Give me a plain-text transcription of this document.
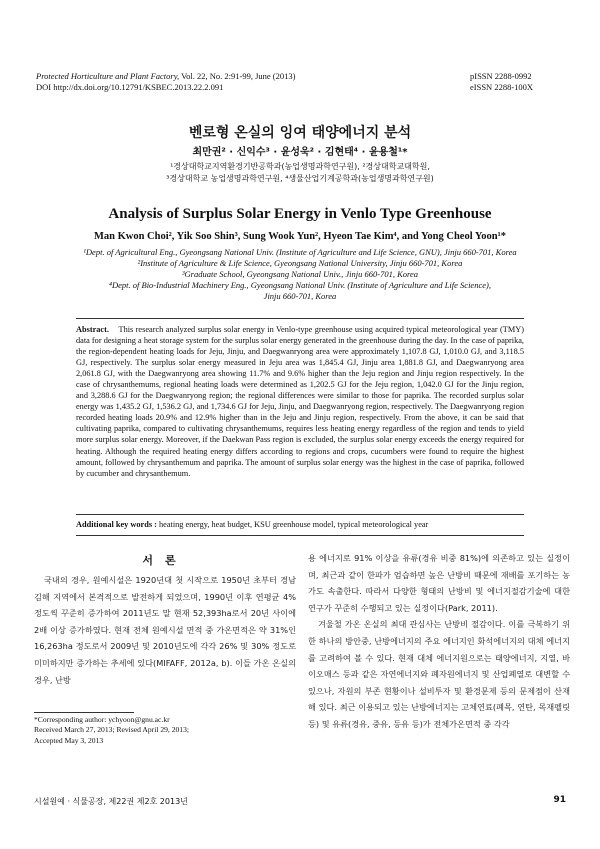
Protected Horticulture and Plant Factory, Vol. 22, No. 2:91-99, June (2013)
DOI http://dx.doi.org/10.12791/KSBEC.2013.22.2.091
pISSN 2288-0992
eISSN 2288-100X
벤로형 온실의 잉여 태양에너지 분석
최만권² · 신익수³ · 윤성욱² · 김현태⁴ · 윤용철¹*
¹경상대학교지역환경기반공학과(농업생명과학연구원), ²경상대학교대학원,
³경상대학교 농업생명과학연구원, ⁴생물산업기계공학과(농업생명과학연구원)
Analysis of Surplus Solar Energy in Venlo Type Greenhouse
Man Kwon Choi², Yik Soo Shin³, Sung Wook Yun², Hyeon Tae Kim⁴, and Yong Cheol Yoon¹*
¹Dept. of Agricultural Eng., Gyeongsang National Univ. (Institute of Agriculture and Life Science, GNU), Jinju 660-701, Korea
²Institute of Agriculture & Life Science, Gyeongsang National University, Jinju 660-701, Korea
³Graduate School, Gyeongsang National Univ., Jinju 660-701, Korea
⁴Dept. of Bio-Industrial Machinery Eng., Gyeongsang National Univ. (Institute of Agriculture and Life Science),
Jinju 660-701, Korea
Abstract. This research analyzed surplus solar energy in Venlo-type greenhouse using acquired typical meteorological year (TMY) data for designing a heat storage system for the surplus solar energy generated in the greenhouse during the day. In the case of paprika, the region-dependent heating loads for Jeju, Jinju, and Daegwanryong area were approximately 1,107.8 GJ, 1,010.0 GJ, and 3,118.5 GJ, respectively. The surplus solar energy measured in Jeju area was 1,845.4 GJ, Jinju area 1,881.8 GJ, and Daegwanryong area 2,061.8 GJ, with the Daegwanryong area showing 11.7% and 9.6% higher than the Jeju region and Jinju region respectively. In the case of chrysanthemums, regional heating loads were determined as 1,202.5 GJ for the Jeju region, 1,042.0 GJ for the Jinju region, and 3,288.6 GJ for the Daegwanryong region; the regional differences were similar to those for paprika. The recorded surplus solar energy was 1,435.2 GJ, 1,536.2 GJ, and 1,734.6 GJ for Jeju, Jinju, and Daegwanryong region, respectively. The Daegwanryong region recorded heating loads 20.9% and 12.9% higher than in the Jeju and Jinju region, respectively. From the above, it can be said that cultivating paprika, compared to cultivating chrysanthemums, requires less heating energy regardless of the region and tends to yield more surplus solar energy. Moreover, if the Daekwan Pass region is excluded, the surplus solar energy exceeds the energy required for heating. Although the required heating energy differs according to regions and crops, cucumbers were found to require the highest amount, followed by chrysanthemum and paprika. The amount of surplus solar energy was the highest in the case of paprika, followed by cucumber and chrysanthemum.
Additional key words : heating energy, heat budget, KSU greenhouse model, typical meteorological year
서론

국내의 경우, 원예시설은 1920년대 첫 시작으로 1950년 초부터 경남 김해 지역에서 본격적으로 발전하게 되었으며, 1990년 이후 연평균 4% 정도씩 꾸준히 증가하여 2011년도 말 현재 52,393ha로서 20년 사이에 2배 이상 증가하였다. 현재 전체 원예시설 면적 중 가온면적은 약 31%인 16,263ha 정도로서 2009년 및 2010년도에 각각 26% 및 30% 정도로 미미하지만 증가하는 추세에 있다(MIFAFF, 2012a, b). 이들 가온 온실의 경우, 난방

용 에너지로 91% 이상을 유류(경유 비중 81%)에 의존하고 있는 실정이며, 최근과 같이 한파가 엄습하면 높은 난방비 때문에 재배를 포기하는 농가도 속출한다. 따라서 다양한 형태의 난방비 및 에너지절감기술에 대한 연구가 꾸준히 수행되고 있는 실정이다(Park, 2011).

겨울철 가온 온실의 최대 관심사는 난방비 절감이다. 이를 극복하기 위한 하나의 방안중, 난방에너지의 주요 에너지인 화석에너지의 대체 에너지를 고려하여 볼 수 있다. 현재 대체 에너지원으로는 태양에너지, 지열, 바이오매스 등과 같은 자연에너지와 폐자원에너지 및 산업폐열로 대변할 수 있으나, 자원의 부존 현황이나 설비투자 및 환경문제 등의 문제점이 산재해 있다. 최근 이용되고 있는 난방에너지는 고체연료(폐목, 연탄, 목재펠릿 등) 및 유류(경유, 중유, 등유 등)가 전체가온면적 중 각각

*Corresponding author: ychyoon@gnu.ac.kr
Received March 27, 2013; Revised April 29, 2013;
Accepted May 3, 2013
시설원예 · 식물공장, 제22권 제2호 2013년	91
